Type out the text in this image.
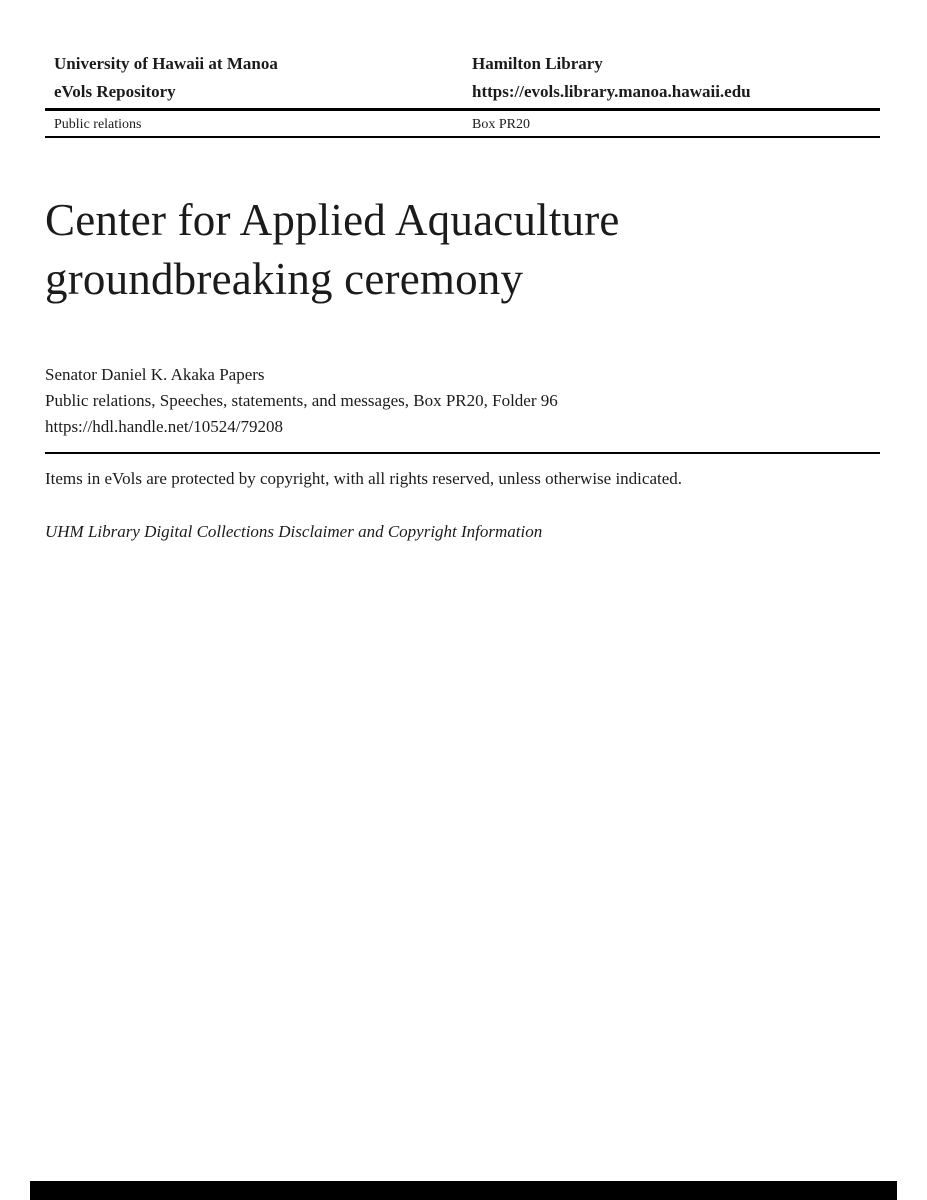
University of Hawaii at Manoa
eVols Repository
Hamilton Library
https://evols.library.manoa.hawaii.edu
Public relations	Box PR20
Center for Applied Aquaculture
groundbreaking ceremony
Senator Daniel K. Akaka Papers
Public relations, Speeches, statements, and messages, Box PR20, Folder 96
https://hdl.handle.net/10524/79208
Items in eVols are protected by copyright, with all rights reserved, unless otherwise indicated.
UHM Library Digital Collections Disclaimer and Copyright Information
